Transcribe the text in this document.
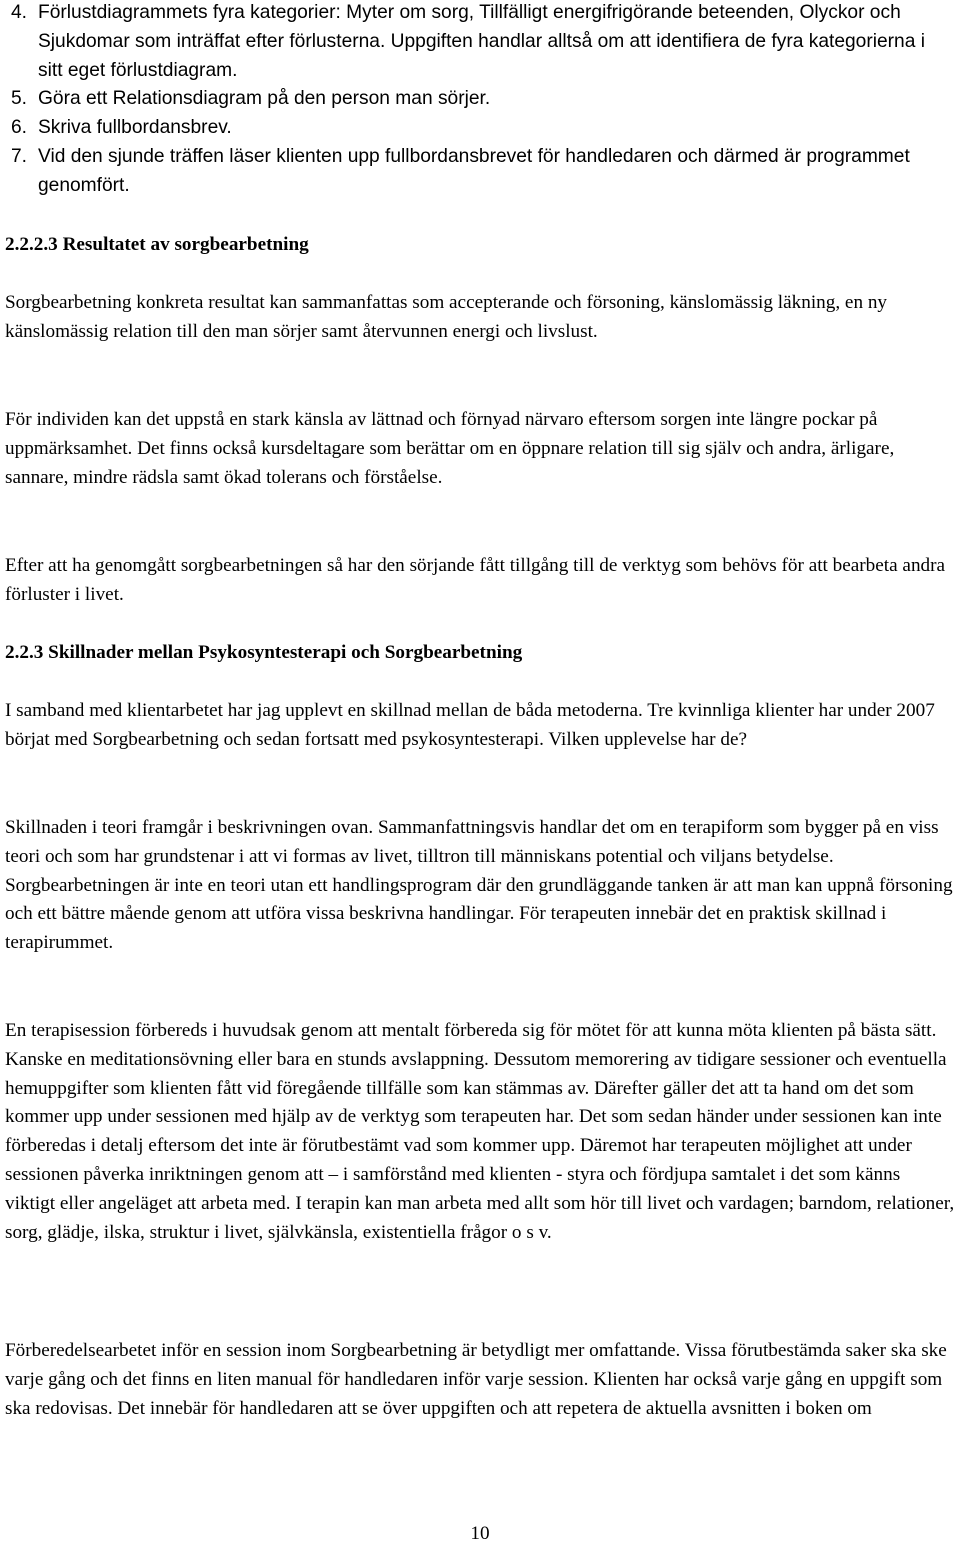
4. Förlustdiagrammets fyra kategorier: Myter om sorg, Tillfälligt energifrigörande beteenden, Olyckor och Sjukdomar som inträffat efter förlusterna. Uppgiften handlar alltså om att identifiera de fyra kategorierna i sitt eget förlustdiagram.
5. Göra ett Relationsdiagram på den person man sörjer.
6. Skriva fullbordansbrev.
7. Vid den sjunde träffen läser klienten upp fullbordansbrevet för handledaren och därmed är programmet genomfört.
2.2.2.3 Resultatet av sorgbearbetning

Sorgbearbetning konkreta resultat kan sammanfattas som accepterande och försoning, känslomässig läkning, en ny känslomässig relation till den man sörjer samt återvunnen energi och livslust.

För individen kan det uppstå en stark känsla av lättnad och förnyad närvaro eftersom sorgen inte längre pockar på uppmärksamhet. Det finns också kursdeltagare som berättar om en öppnare relation till sig själv och andra, ärligare, sannare, mindre rädsla samt ökad tolerans och förståelse.

Efter att ha genomgått sorgbearbetningen så har den sörjande fått tillgång till de verktyg som behövs för att bearbeta andra förluster i livet.

2.2.3 Skillnader mellan Psykosyntesterapi och Sorgbearbetning

I samband med klientarbetet har jag upplevt en skillnad mellan de båda metoderna. Tre kvinnliga klienter har under 2007 börjat med Sorgbearbetning och sedan fortsatt med psykosyntesterapi. Vilken upplevelse har de?

Skillnaden i teori framgår i beskrivningen ovan. Sammanfattningsvis handlar det om en terapiform som bygger på en viss teori och som har grundstenar i att vi formas av livet, tilltron till människans potential och viljans betydelse. Sorgbearbetningen är inte en teori utan ett handlingsprogram där den grundläggande tanken är att man kan uppnå försoning och ett bättre mående genom att utföra vissa beskrivna handlingar. För terapeuten innebär det en praktisk skillnad i terapirummet.

En terapisession förbereds i huvudsak genom att mentalt förbereda sig för mötet för att kunna möta klienten på bästa sätt. Kanske en meditationsövning eller bara en stunds avslappning. Dessutom memorering av tidigare sessioner och eventuella hemuppgifter som klienten fått vid föregående tillfälle som kan stämmas av. Därefter gäller det att ta hand om det som kommer upp under sessionen med hjälp av de verktyg som terapeuten har. Det som sedan händer under sessionen kan inte förberedas i detalj eftersom det inte är förutbestämt vad som kommer upp. Däremot har terapeuten möjlighet att under sessionen påverka inriktningen genom att – i samförstånd med klienten - styra och fördjupa samtalet i det som känns viktigt eller angeläget att arbeta med. I terapin kan man arbeta med allt som hör till livet och vardagen; barndom, relationer, sorg, glädje, ilska, struktur i livet, självkänsla, existentiella frågor o s v.

Förberedelsearbetet inför en session inom Sorgbearbetning är betydligt mer omfattande. Vissa förutbestämda saker ska ske varje gång och det finns en liten manual för handledaren inför varje session. Klienten har också varje gång en uppgift som ska redovisas. Det innebär för handledaren att se över uppgiften och att repetera de aktuella avsnitten i boken om

10
